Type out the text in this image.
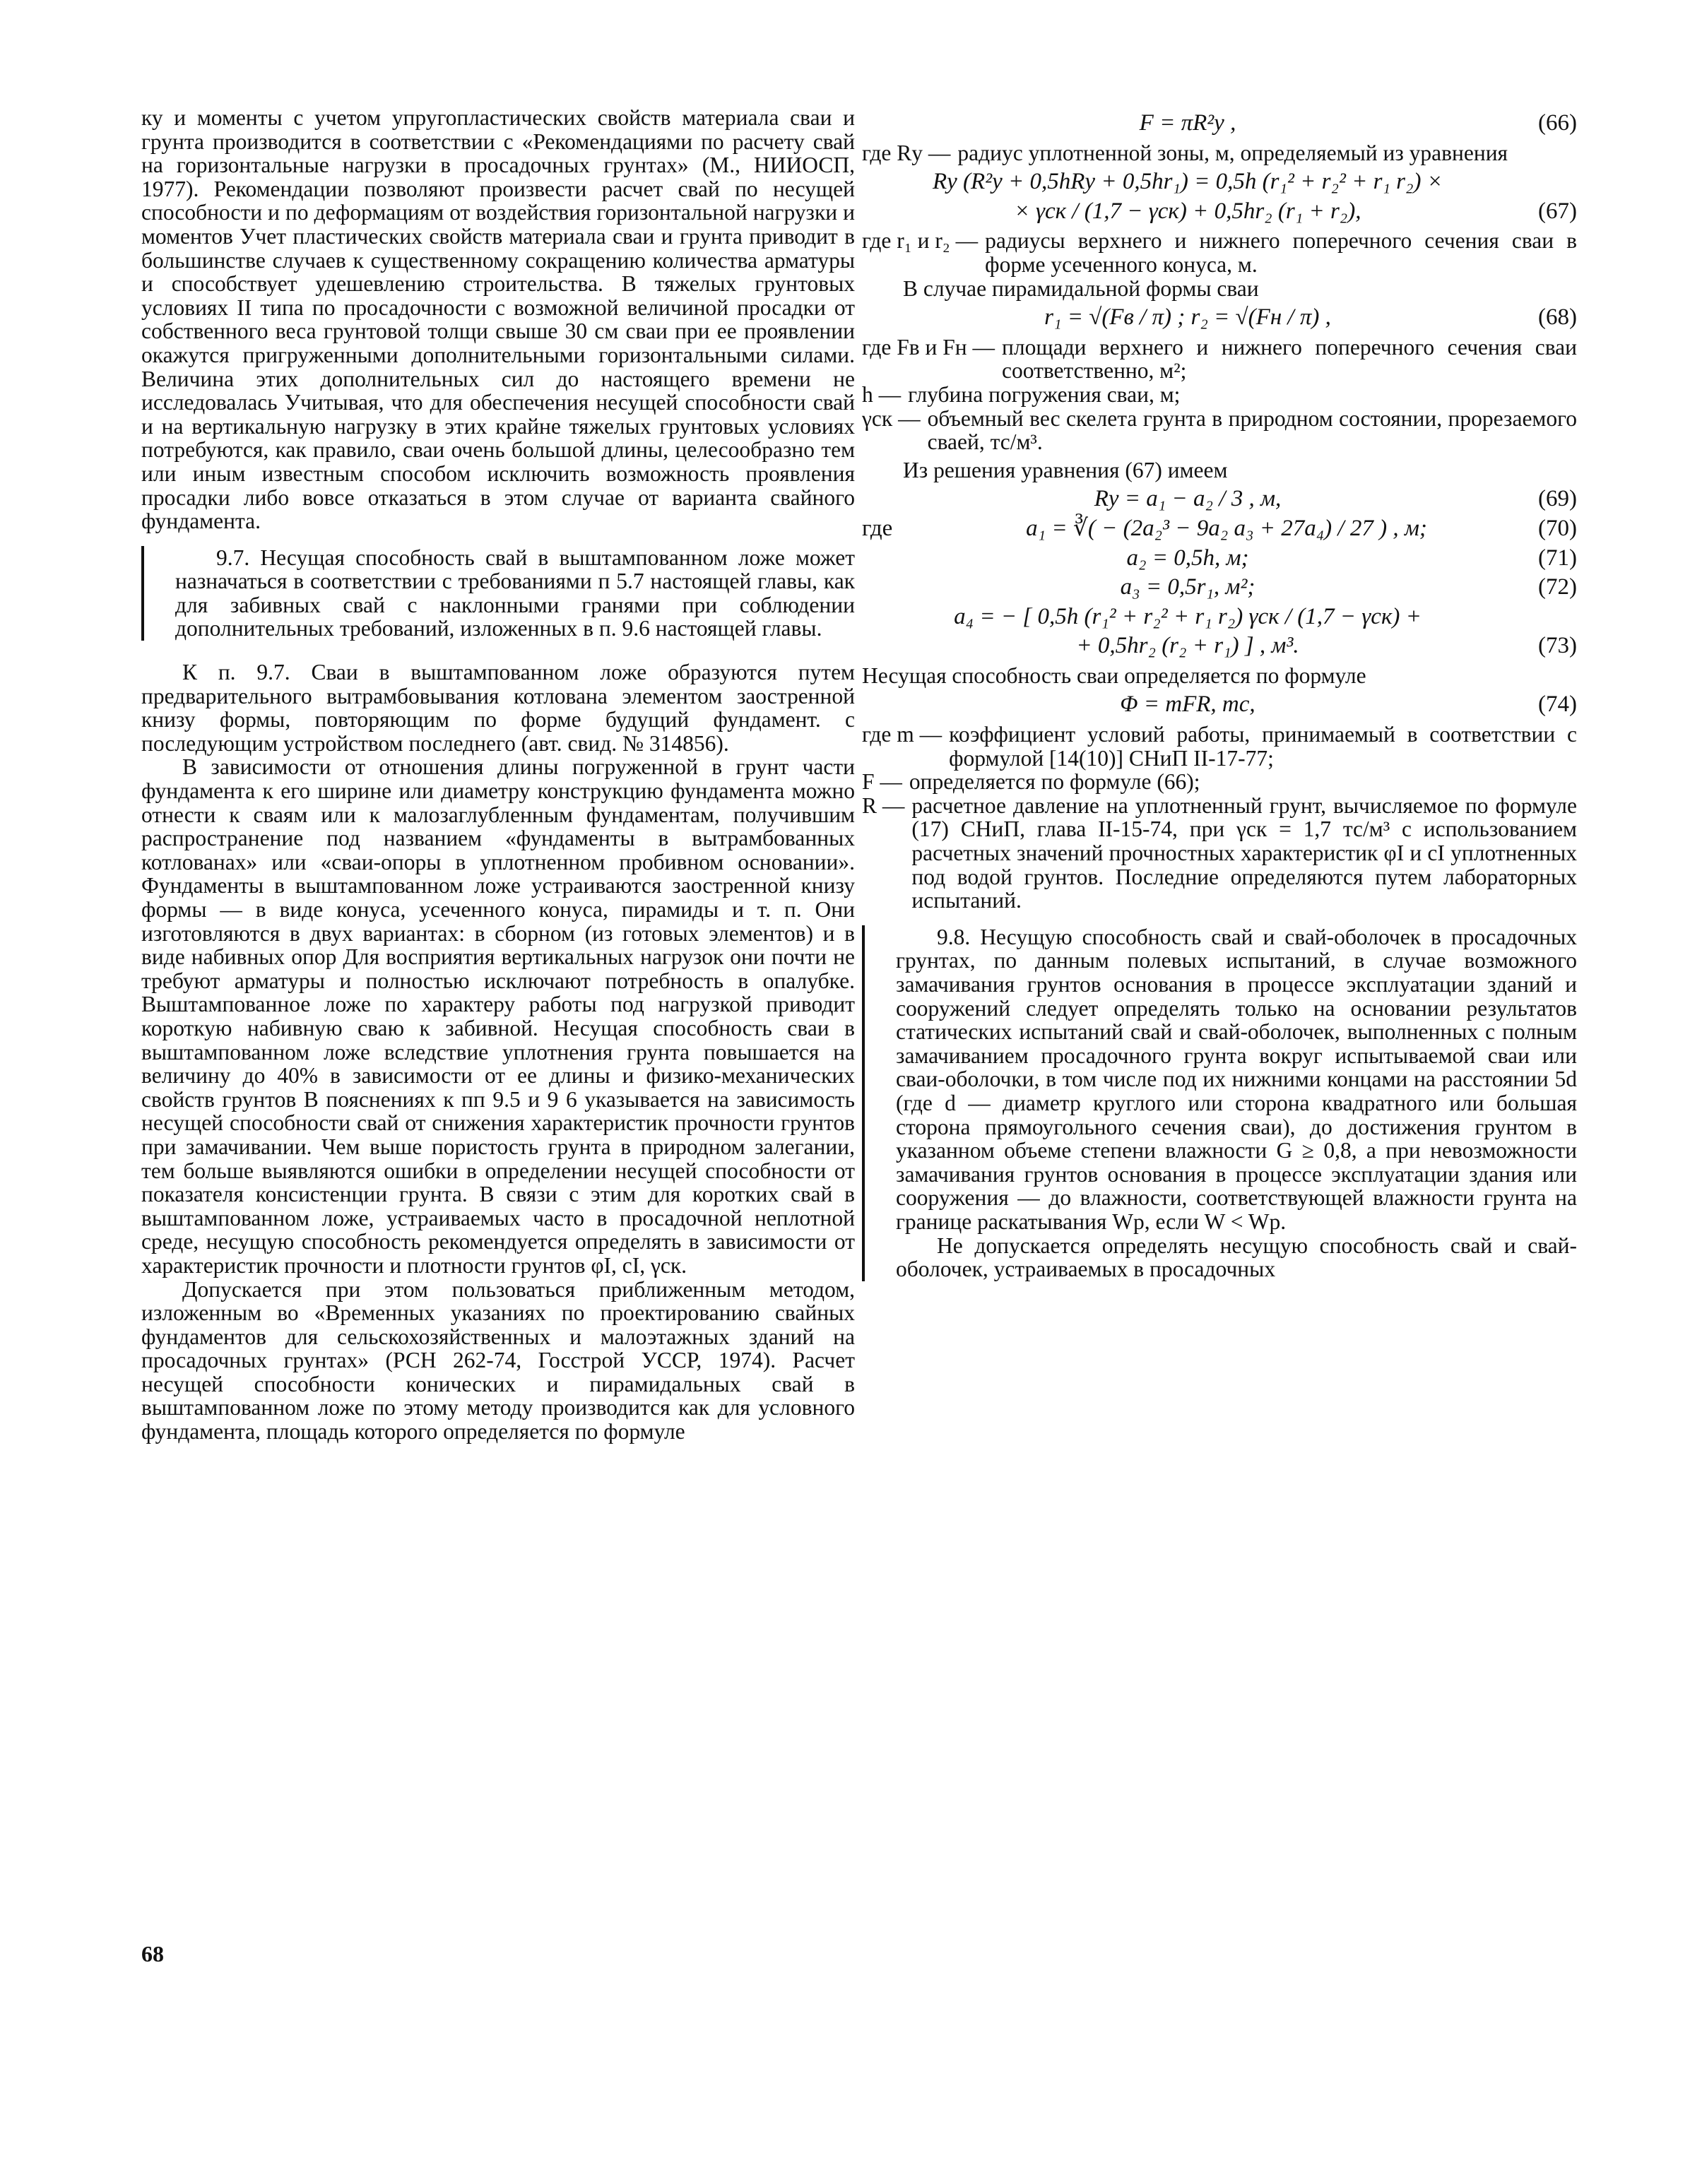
ку и моменты с учетом упругопластических свойств материала сваи и грунта производится в соответствии с «Рекомендациями по расчету свай на горизонтальные нагрузки в просадочных грунтах» (М., НИИОСП, 1977). Рекомендации позволяют произвести расчет свай по несущей способности и по деформациям от воздействия горизонтальной нагрузки и моментов Учет пластических свойств материала сваи и грунта приводит в большинстве случаев к существенному сокращению количества арматуры и способствует удешевлению строительства. В тяжелых грунтовых условиях II типа по просадочности с возможной величиной просадки от собственного веса грунтовой толщи свыше 30 см сваи при ее проявлении окажутся пригруженными дополнительными горизонтальными силами. Величина этих дополнительных сил до настоящего времени не исследовалась Учитывая, что для обеспечения несущей способности свай и на вертикальную нагрузку в этих крайне тяжелых грунтовых условиях потребуются, как правило, сваи очень большой длины, целесообразно тем или иным известным способом исключить возможность проявления просадки либо вовсе отказаться в этом случае от варианта свайного фундамента.

9.7. Несущая способность свай в выштампованном ложе может назначаться в соответствии с требованиями п 5.7 настоящей главы, как для забивных свай с наклонными гранями при соблюдении дополнительных требований, изложенных в п. 9.6 настоящей главы.

К п. 9.7. Сваи в выштампованном ложе образуются путем предварительного вытрамбовывания котлована элементом заостренной книзу формы, повторяющим по форме будущий фундамент. с последующим устройством последнего (авт. свид. № 314856).

В зависимости от отношения длины погруженной в грунт части фундамента к его ширине или диаметру конструкцию фундамента можно отнести к сваям или к малозаглубленным фундаментам, получившим распространение под названием «фундаменты в вытрамбованных котлованах» или «сваи-опоры в уплотненном пробивном основании». Фундаменты в выштампованном ложе устраиваются заостренной книзу формы — в виде конуса, усеченного конуса, пирамиды и т. п. Они изготовляются в двух вариантах: в сборном (из готовых элементов) и в виде набивных опор Для восприятия вертикальных нагрузок они почти не требуют арматуры и полностью исключают потребность в опалубке. Выштампованное ложе по характеру работы под нагрузкой приводит короткую набивную сваю к забивной. Несущая способность сваи в выштампованном ложе вследствие уплотнения грунта повышается на величину до 40% в зависимости от ее длины и физико-механических свойств грунтов В пояснениях к пп 9.5 и 9 6 указывается на зависимость несущей способности свай от снижения характеристик прочности грунтов при замачивании. Чем выше пористость грунта в природном залегании, тем больше выявляются ошибки в определении несущей способности от показателя консистенции грунта. В связи с этим для коротких свай в выштампованном ложе, устраиваемых часто в просадочной неплотной среде, несущую способность рекомендуется определять в зависимости от характеристик прочности и плотности грунтов φI, cI, γск.

Допускается при этом пользоваться приближенным методом, изложенным во «Временных указаниях по проектированию свайных фундаментов для сельскохозяйственных и малоэтажных зданий на просадочных грунтах» (РСН 262-74, Госстрой УССР, 1974). Расчет несущей способности конических и пирамидальных свай в выштампованном ложе по этому методу производится как для условного фундамента, площадь которого определяется по формуле

F = πR²у ,	(66)
где Rу — радиус уплотненной зоны, м, определяемый из уравнения
Rу (R²у + 0,5hRу + 0,5hr₁) = 0,5h (r₁² + r₂² + r₁ r₂) ×
× γск / (1,7 − γск) + 0,5hr₂ (r₁ + r₂),	(67)
где r₁ и r₂ — радиусы верхнего и нижнего поперечного сечения сваи в форме усеченного конуса, м.

В случае пирамидальной формы сваи

r₁ = √(Fв / π) ; r₂ = √(Fн / π) ,	(68)
где Fв и Fн — площади верхнего и нижнего поперечного сечения сваи соответственно, м²;
h — глубина погружения сваи, м;
γск — объемный вес скелета грунта в природном состоянии, прорезаемого сваей, тс/м³.

Из решения уравнения (67) имеем

Rу = a₁ − a₂ / 3 , м,	(69)
где	a₁ = ∛( − (2a₂³ − 9a₂ a₃ + 27a₄) / 27 ) , м;	(70)
a₂ = 0,5h, м;	(71)
a₃ = 0,5r₁, м²;	(72)
a₄ = − [ 0,5h (r₁² + r₂² + r₁ r₂) γск / (1,7 − γск) +
+ 0,5hr₂ (r₂ + r₁) ] , м³.	(73)

Несущая способность сваи определяется по формуле

Φ = mFR, тс,	(74)
где m — коэффициент условий работы, принимаемый в соответствии с формулой [14(10)] СНиП II-17-77;
F — определяется по формуле (66);
R — расчетное давление на уплотненный грунт, вычисляемое по формуле (17) СНиП, глава II-15-74, при γск = 1,7 тс/м³ с использованием расчетных значений прочностных характеристик φI и cI уплотненных под водой грунтов. Последние определяются путем лабораторных испытаний.

9.8. Несущую способность свай и свай-оболочек в просадочных грунтах, по данным полевых испытаний, в случае возможного замачивания грунтов основания в процессе эксплуатации зданий и сооружений следует определять только на основании результатов статических испытаний свай и свай-оболочек, выполненных с полным замачиванием просадочного грунта вокруг испытываемой сваи или сваи-оболочки, в том числе под их нижними концами на расстоянии 5d (где d — диаметр круглого или сторона квадратного или большая сторона прямоугольного сечения сваи), до достижения грунтом в указанном объеме степени влажности G ≥ 0,8, а при невозможности замачивания грунтов основания в процессе эксплуатации здания или сооружения — до влажности, соответствующей влажности грунта на границе раскатывания Wр, если W < Wр.

Не допускается определять несущую способность свай и свай-оболочек, устраиваемых в просадочных

68
